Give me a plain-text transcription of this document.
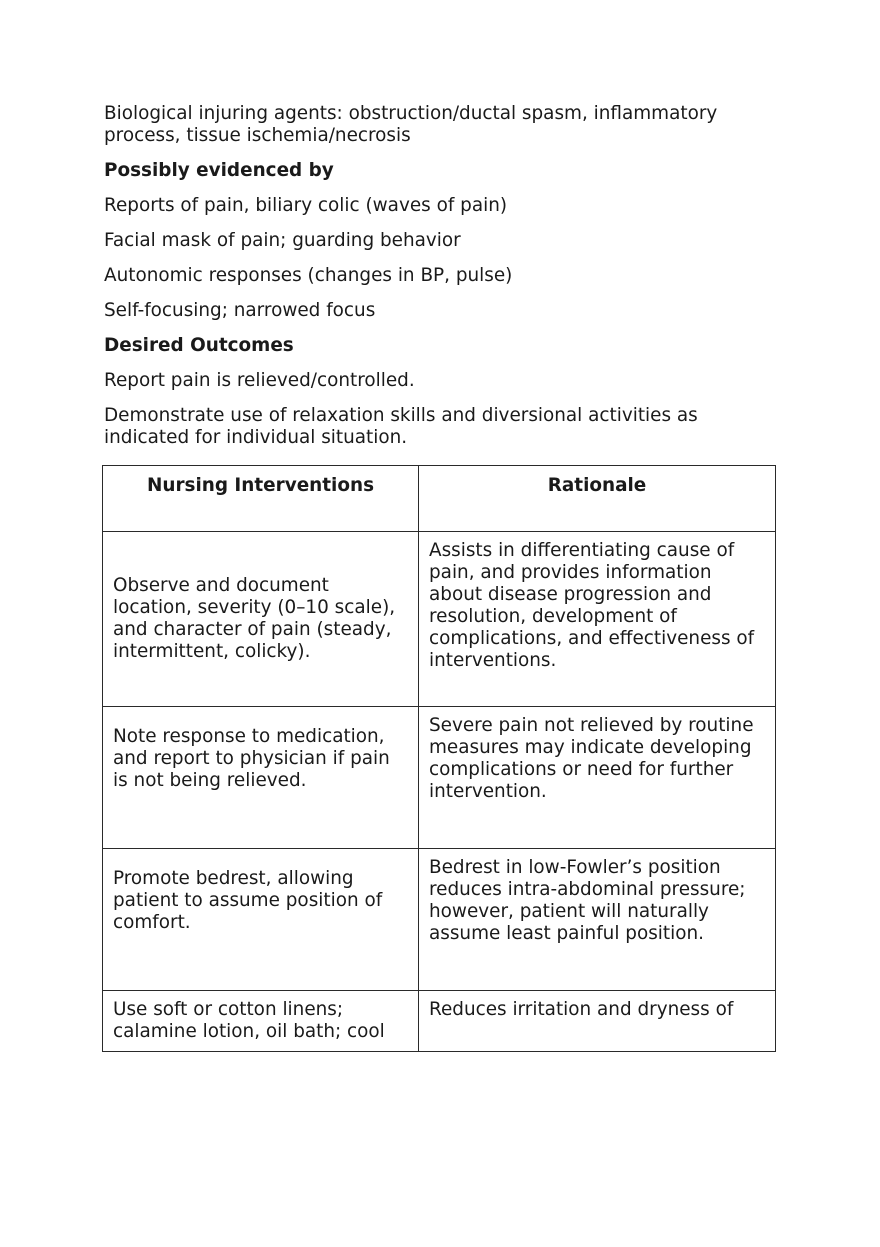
Biological injuring agents: obstruction/ductal spasm, inflammatory process, tissue ischemia/necrosis

Possibly evidenced by

Reports of pain, biliary colic (waves of pain)

Facial mask of pain; guarding behavior

Autonomic responses (changes in BP, pulse)

Self-focusing; narrowed focus

Desired Outcomes

Report pain is relieved/controlled.

Demonstrate use of relaxation skills and diversional activities as indicated for individual situation.

Nursing Interventions	Rationale
Observe and document location, severity (0–10 scale), and character of pain (steady, intermittent, colicky).	Assists in differentiating cause of pain, and provides information about disease progression and resolution, development of complications, and effectiveness of interventions.
Note response to medication, and report to physician if pain is not being relieved.	Severe pain not relieved by routine measures may indicate developing complications or need for further intervention.
Promote bedrest, allowing patient to assume position of comfort.	Bedrest in low-Fowler’s position reduces intra-abdominal pressure; however, patient will naturally assume least painful position.
Use soft or cotton linens; calamine lotion, oil bath; cool	Reduces irritation and dryness of
